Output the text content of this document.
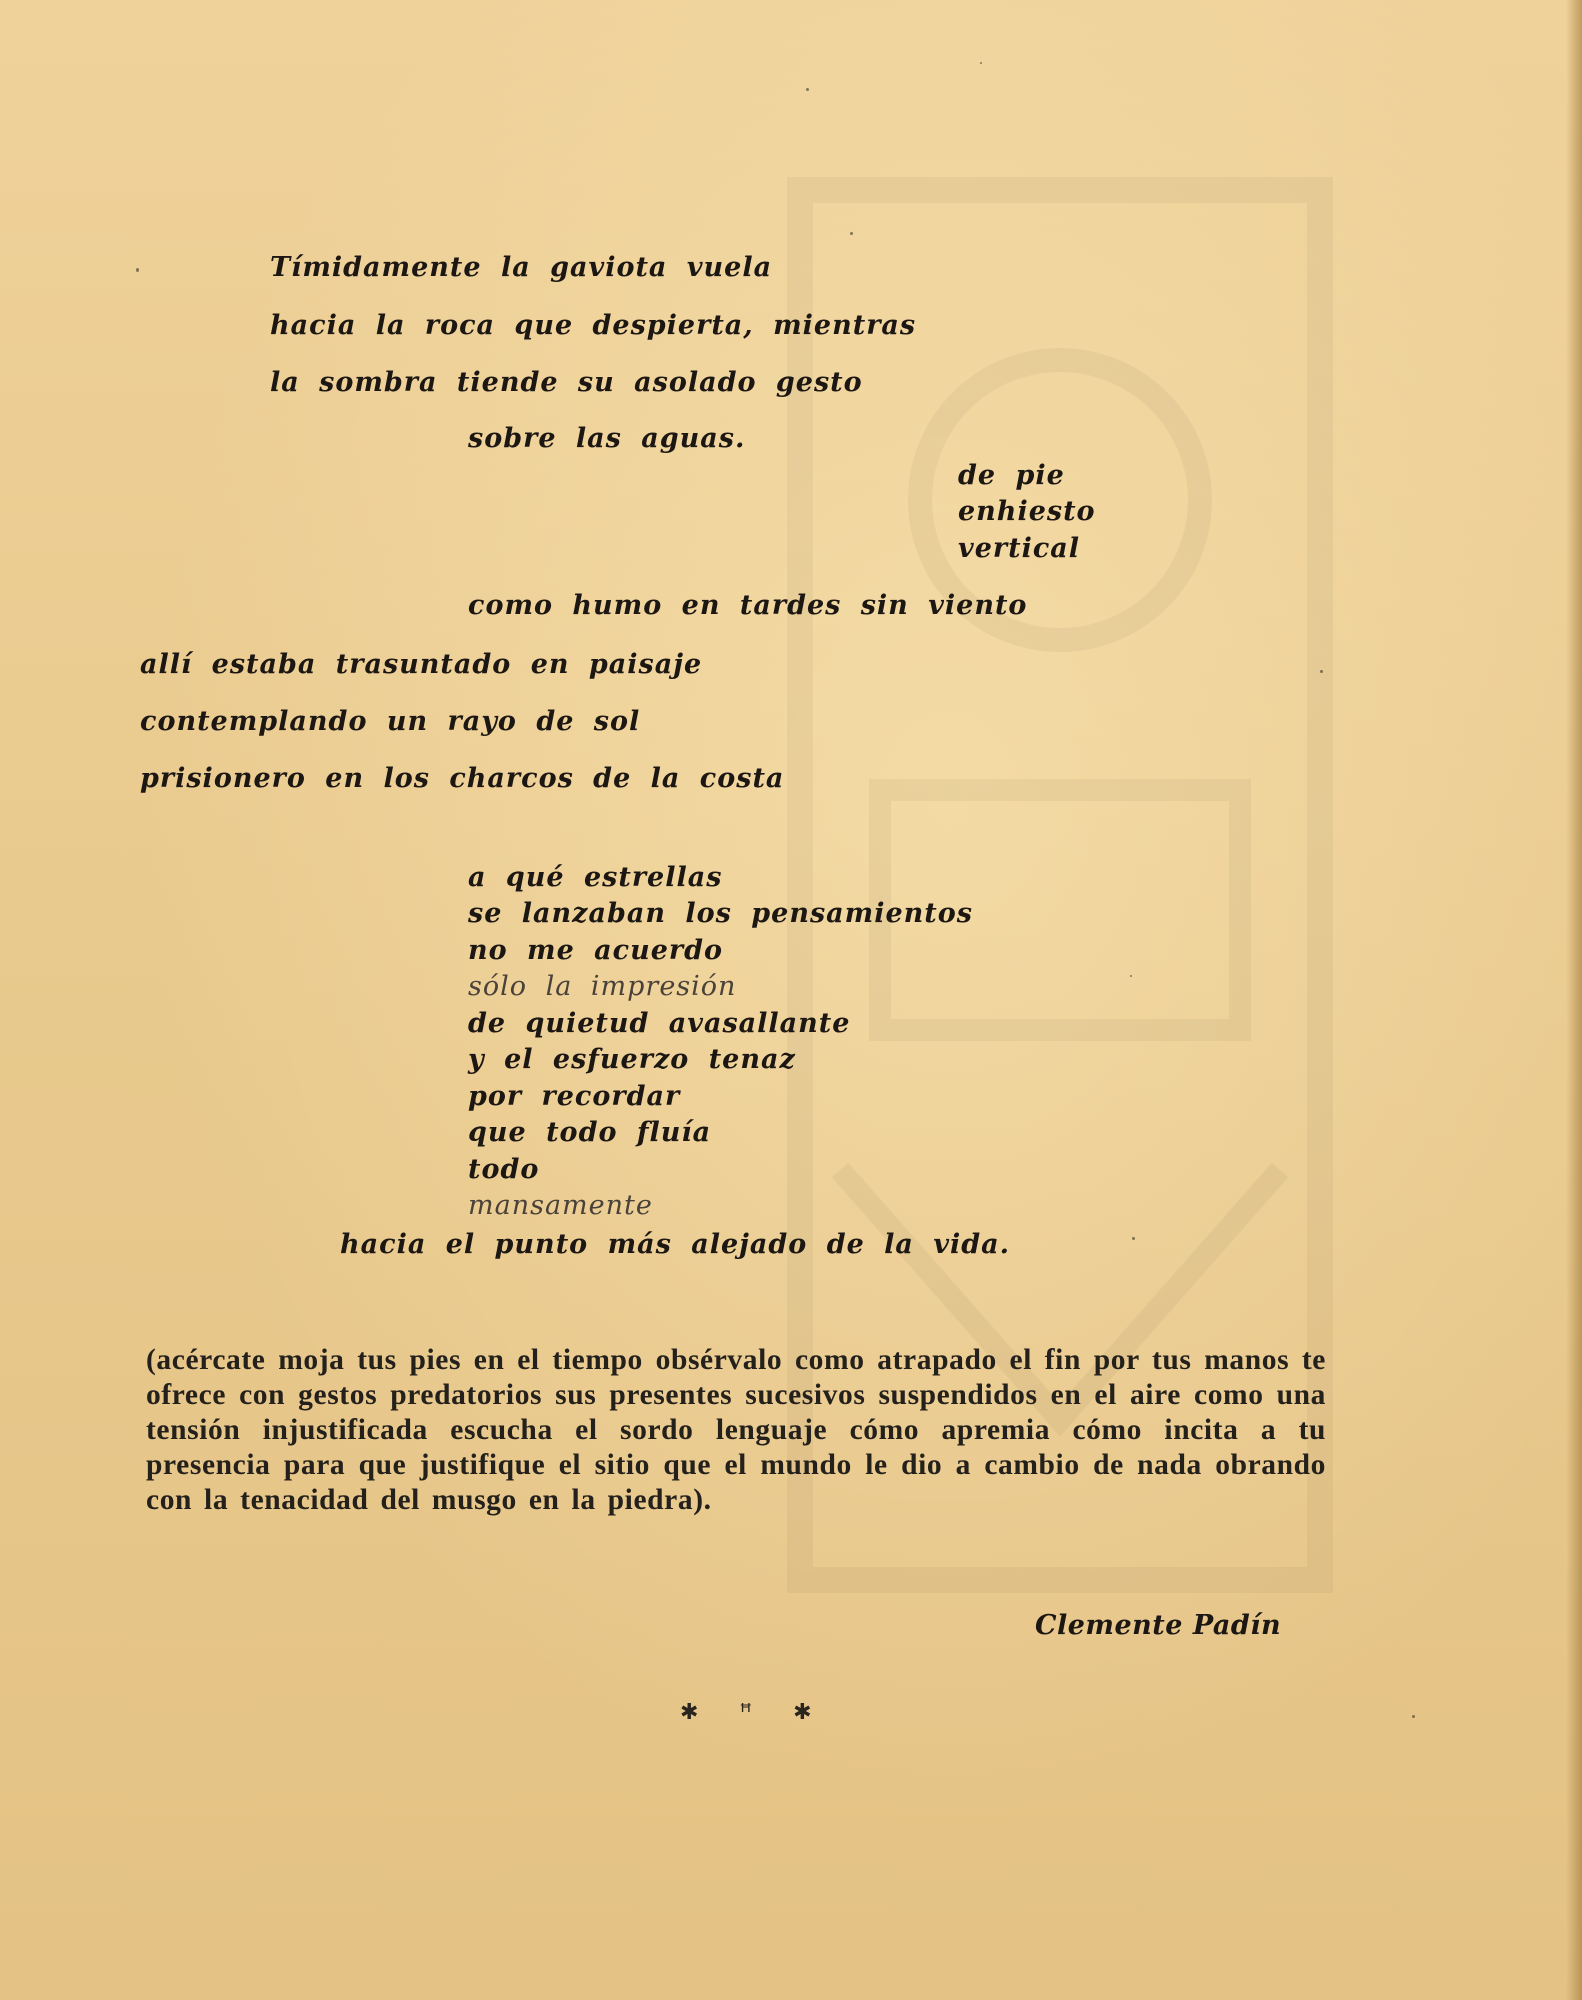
Tímidamente la gaviota vuela

hacia la roca que despierta, mientras

la sombra tiende su asolado gesto

sobre las aguas.

de pie

enhiesto

vertical

como humo en tardes sin viento

allí estaba trasuntado en paisaje

contemplando un rayo de sol

prisionero en los charcos de la costa

a qué estrellas

se lanzaban los pensamientos

no me acuerdo

sólo la impresión

de quietud avasallante

y el esfuerzo tenaz

por recordar

que todo fluía

todo

mansamente

hacia el punto más alejado de la vida.

(acércate moja tus pies en el tiempo obsérvalo como atrapado el fin por tus manos te ofrece con gestos predatorios sus presentes sucesivos suspendidos en el aire como una tensión injustificada escucha el sordo lenguaje cómo apremia cómo incita a tu presencia para que justifique el sitio que el mundo le dio a cambio de nada obrando con la tenacidad del musgo en la piedra).

Clemente Padín

✱ ꟸ ✱
